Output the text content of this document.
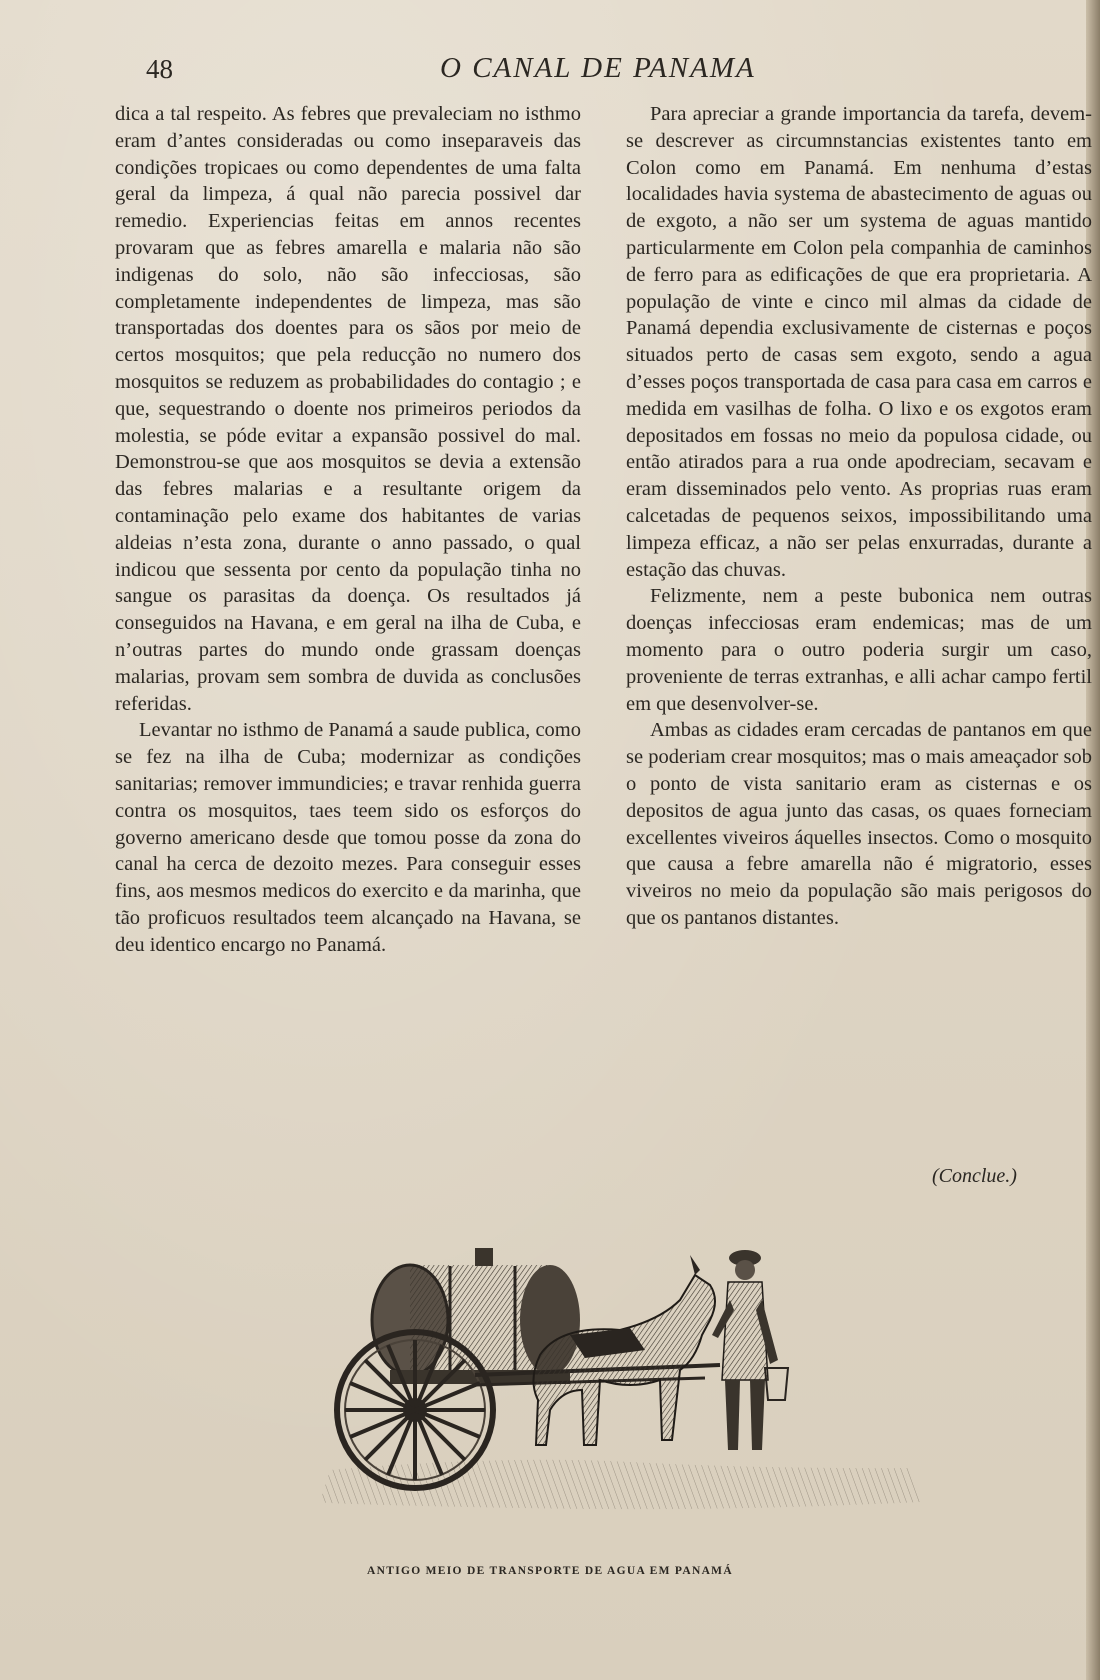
48	O CANAL DE PANAMA

dica a tal respeito. As febres que prevaleciam no isthmo eram d’antes consideradas ou como inseparaveis das condições tropicaes ou como dependentes de uma falta geral da limpeza, á qual não parecia possivel dar remedio. Experiencias feitas em annos recentes provaram que as febres amarella e malaria não são indigenas do solo, não são infecciosas, são completamente independentes de limpeza, mas são transportadas dos doentes para os sãos por meio de certos mosquitos; que pela reducção no numero dos mosquitos se reduzem as probabilidades do contagio ; e que, sequestrando o doente nos primeiros periodos da molestia, se póde evitar a expansão possivel do mal. Demonstrou-se que aos mosquitos se devia a extensão das febres malarias e a resultante origem da contaminação pelo exame dos habitantes de varias aldeias n’esta zona, durante o anno passado, o qual indicou que sessenta por cento da população tinha no sangue os parasitas da doença. Os resultados já conseguidos na Havana, e em geral na ilha de Cuba, e n’outras partes do mundo onde grassam doenças malarias, provam sem sombra de duvida as conclusões referidas.

Levantar no isthmo de Panamá a saude publica, como se fez na ilha de Cuba; modernizar as condições sanitarias; remover immundicies; e travar renhida guerra contra os mosquitos, taes teem sido os esforços do governo americano desde que tomou posse da zona do canal ha cerca de dezoito mezes. Para conseguir esses fins, aos mesmos medicos do exercito e da marinha, que tão proficuos resultados teem alcançado na Havana, se deu identico encargo no Panamá.

Para apreciar a grande importancia da tarefa, devem-se descrever as circumnstancias existentes tanto em Colon como em Panamá. Em nenhuma d’estas localidades havia systema de abastecimento de aguas ou de exgoto, a não ser um systema de aguas mantido particularmente em Colon pela companhia de caminhos de ferro para as edificações de que era proprietaria. A população de vinte e cinco mil almas da cidade de Panamá dependia exclusivamente de cisternas e poços situados perto de casas sem exgoto, sendo a agua d’esses poços transportada de casa para casa em carros e medida em vasilhas de folha. O lixo e os exgotos eram depositados em fossas no meio da populosa cidade, ou então atirados para a rua onde apodreciam, secavam e eram disseminados pelo vento. As proprias ruas eram calcetadas de pequenos seixos, impossibilitando uma limpeza efficaz, a não ser pelas enxurradas, durante a estação das chuvas.

Felizmente, nem a peste bubonica nem outras doenças infecciosas eram endemicas; mas de um momento para o outro poderia surgir um caso, proveniente de terras extranhas, e alli achar campo fertil em que desenvolver-se.

Ambas as cidades eram cercadas de pantanos em que se poderiam crear mosquitos; mas o mais ameaçador sob o ponto de vista sanitario eram as cisternas e os depositos de agua junto das casas, os quaes forneciam excellentes viveiros áquelles insectos. Como o mosquito que causa a febre amarella não é migratorio, esses viveiros no meio da população são mais perigosos do que os pantanos distantes.

(Conclue.)
ANTIGO MEIO DE TRANSPORTE DE AGUA EM PANAMÁ
